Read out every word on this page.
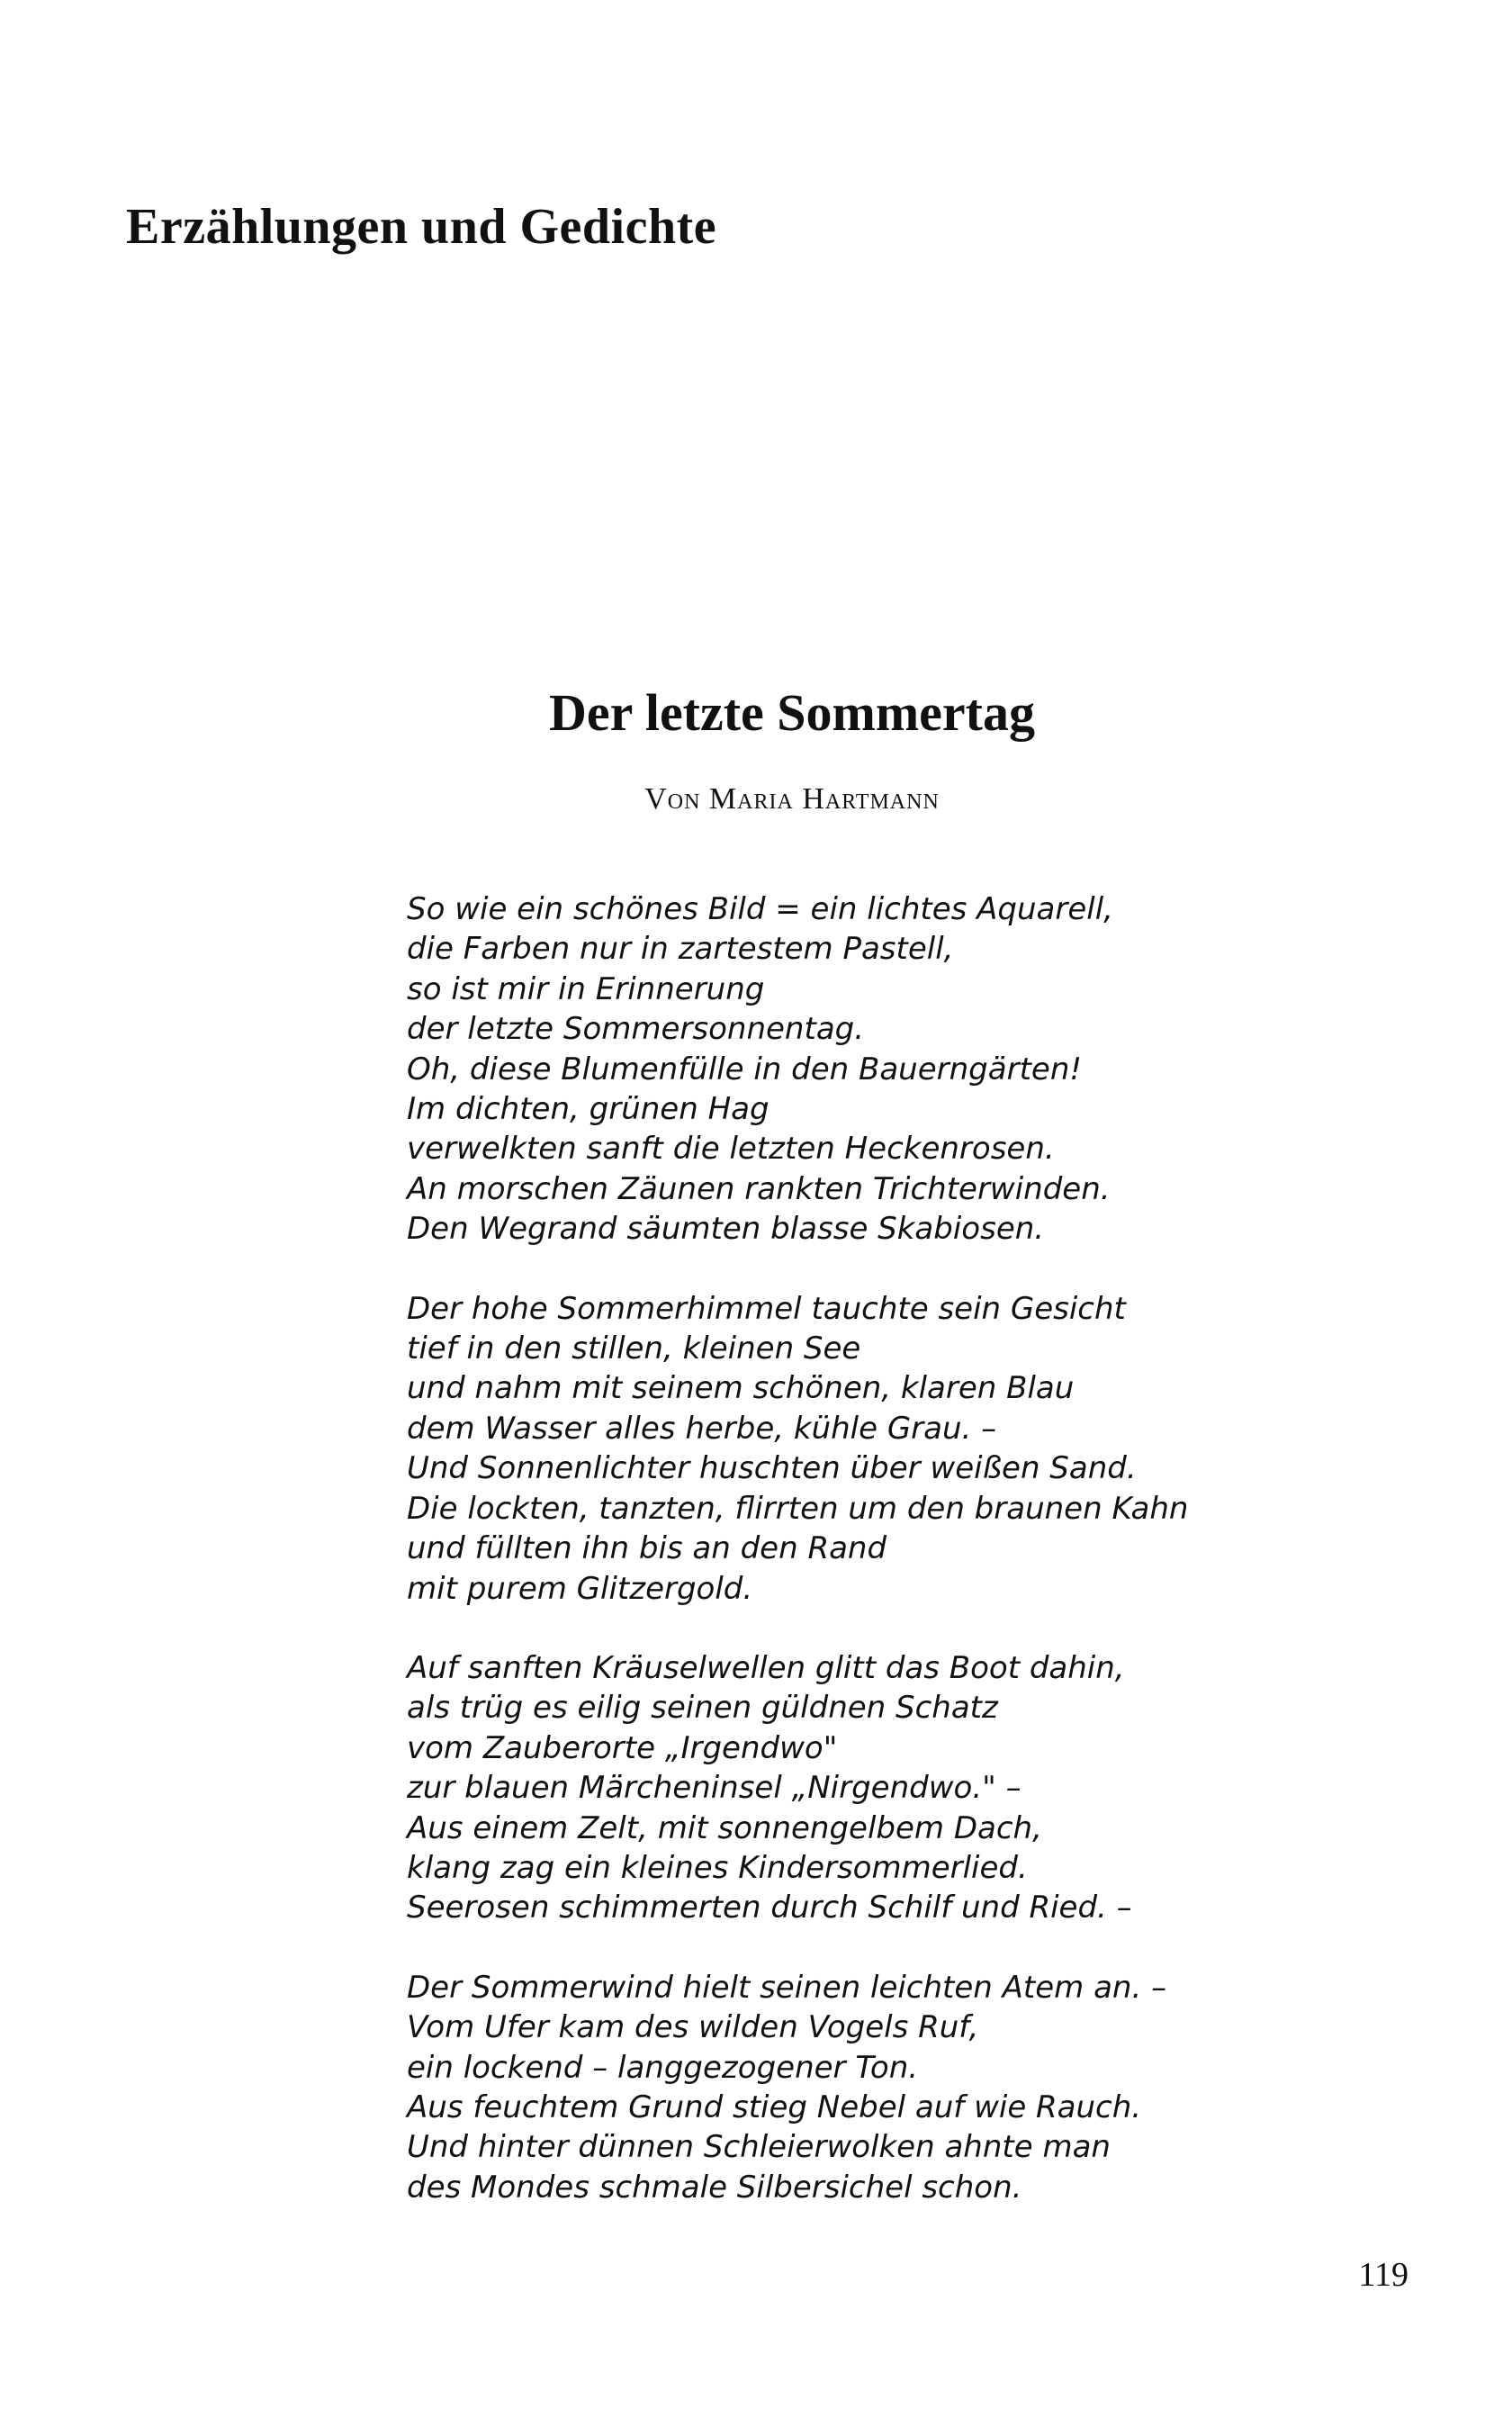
Erzählungen und Gedichte
Der letzte Sommertag
Von Maria Hartmann

So wie ein schönes Bild = ein lichtes Aquarell,
die Farben nur in zartestem Pastell,
so ist mir in Erinnerung
der letzte Sommersonnentag.
Oh, diese Blumenfülle in den Bauerngärten!
Im dichten, grünen Hag
verwelkten sanft die letzten Heckenrosen.
An morschen Zäunen rankten Trichterwinden.
Den Wegrand säumten blasse Skabiosen.

Der hohe Sommerhimmel tauchte sein Gesicht
tief in den stillen, kleinen See
und nahm mit seinem schönen, klaren Blau
dem Wasser alles herbe, kühle Grau. –
Und Sonnenlichter huschten über weißen Sand.
Die lockten, tanzten, flirrten um den braunen Kahn
und füllten ihn bis an den Rand
mit purem Glitzergold.

Auf sanften Kräuselwellen glitt das Boot dahin,
als trüg es eilig seinen güldnen Schatz
vom Zauberorte „Irgendwo"
zur blauen Märcheninsel „Nirgendwo." –
Aus einem Zelt, mit sonnengelbem Dach,
klang zag ein kleines Kindersommerlied.
Seerosen schimmerten durch Schilf und Ried. –

Der Sommerwind hielt seinen leichten Atem an. –
Vom Ufer kam des wilden Vogels Ruf,
ein lockend – langgezogener Ton.
Aus feuchtem Grund stieg Nebel auf wie Rauch.
Und hinter dünnen Schleierwolken ahnte man
des Mondes schmale Silbersichel schon.

119
